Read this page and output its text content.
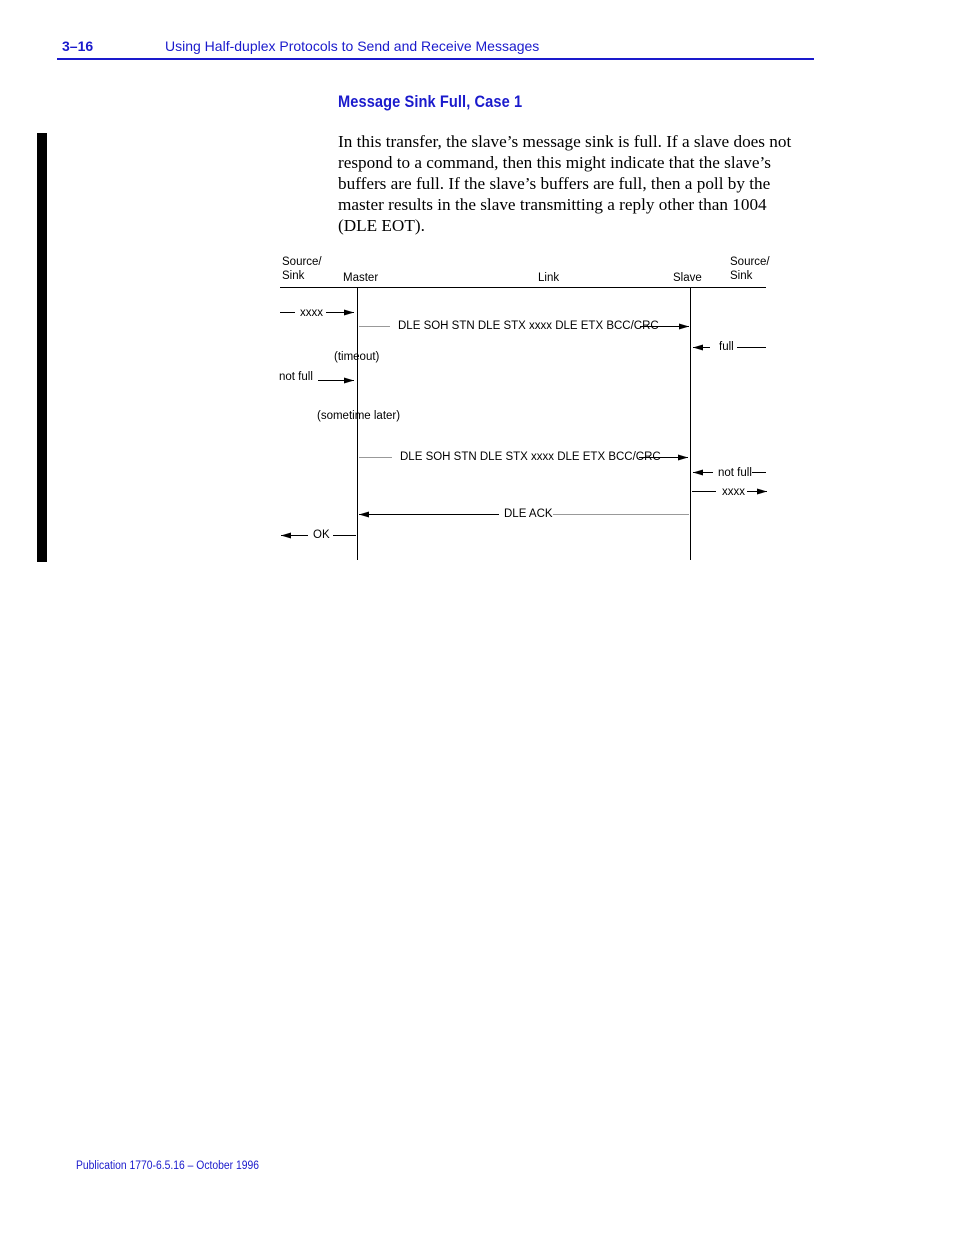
3–16	Using Half-duplex Protocols to Send and Receive Messages
Message Sink Full, Case 1
In this transfer, the slave’s message sink is full. If a slave does not respond to a command, then this might indicate that the slave’s buffers are full. If the slave’s buffers are full, then a poll by the master results in the slave transmitting a reply other than 1004 (DLE EOT).
Source/
Sink	Master	Link	Slave
Source/
Sink
xxxx
DLE SOH STN DLE STX xxxx DLE ETX BCC/CRC
full
(timeout)
not full
(sometime later)
DLE SOH STN DLE STX xxxx DLE ETX BCC/CRC
not full
xxxx
DLE ACK
OK
Publication 1770-6.5.16 – October 1996
